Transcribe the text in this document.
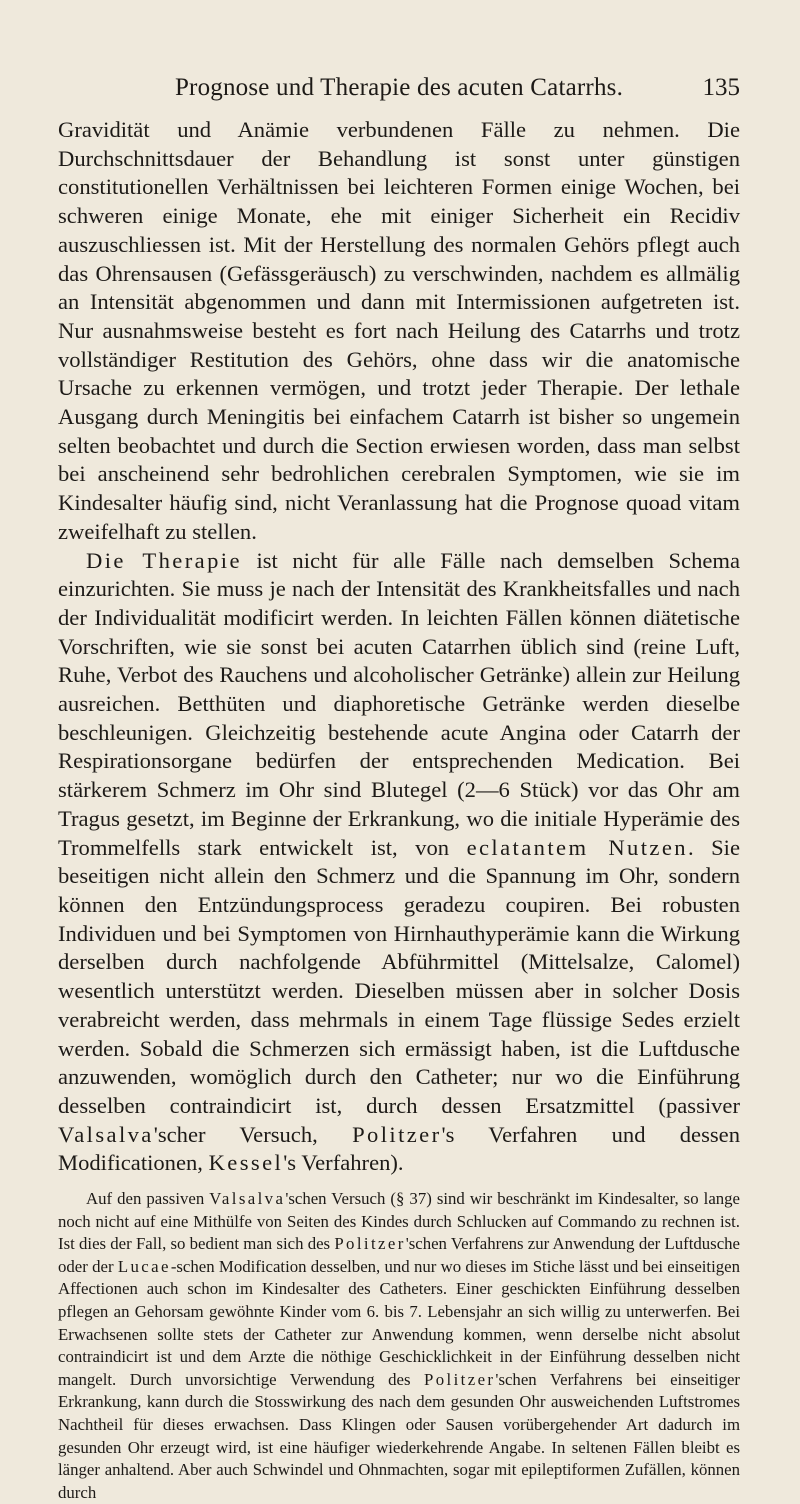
Prognose und Therapie des acuten Catarrhs.	135

Gravidität und Anämie verbundenen Fälle zu nehmen. Die Durchschnittsdauer der Behandlung ist sonst unter günstigen constitutionellen Verhältnissen bei leichteren Formen einige Wochen, bei schweren einige Monate, ehe mit einiger Sicherheit ein Recidiv auszuschliessen ist. Mit der Herstellung des normalen Gehörs pflegt auch das Ohrensausen (Gefässgeräusch) zu verschwinden, nachdem es allmälig an Intensität abgenommen und dann mit Intermissionen aufgetreten ist. Nur ausnahmsweise besteht es fort nach Heilung des Catarrhs und trotz vollständiger Restitution des Gehörs, ohne dass wir die anatomische Ursache zu erkennen vermögen, und trotzt jeder Therapie. Der lethale Ausgang durch Meningitis bei einfachem Catarrh ist bisher so ungemein selten beobachtet und durch die Section erwiesen worden, dass man selbst bei anscheinend sehr bedrohlichen cerebralen Symptomen, wie sie im Kindesalter häufig sind, nicht Veranlassung hat die Prognose quoad vitam zweifelhaft zu stellen.

Die Therapie ist nicht für alle Fälle nach demselben Schema einzurichten. Sie muss je nach der Intensität des Krankheitsfalles und nach der Individualität modificirt werden. In leichten Fällen können diätetische Vorschriften, wie sie sonst bei acuten Catarrhen üblich sind (reine Luft, Ruhe, Verbot des Rauchens und alcoholischer Getränke) allein zur Heilung ausreichen. Betthüten und diaphoretische Getränke werden dieselbe beschleunigen. Gleichzeitig bestehende acute Angina oder Catarrh der Respirationsorgane bedürfen der entsprechenden Medication. Bei stärkerem Schmerz im Ohr sind Blutegel (2—6 Stück) vor das Ohr am Tragus gesetzt, im Beginne der Erkrankung, wo die initiale Hyperämie des Trommelfells stark entwickelt ist, von eclatantem Nutzen. Sie beseitigen nicht allein den Schmerz und die Spannung im Ohr, sondern können den Entzündungsprocess geradezu coupiren. Bei robusten Individuen und bei Symptomen von Hirnhauthyperämie kann die Wirkung derselben durch nachfolgende Abführmittel (Mittelsalze, Calomel) wesentlich unterstützt werden. Dieselben müssen aber in solcher Dosis verabreicht werden, dass mehrmals in einem Tage flüssige Sedes erzielt werden. Sobald die Schmerzen sich ermässigt haben, ist die Luftdusche anzuwenden, womöglich durch den Catheter; nur wo die Einführung desselben contraindicirt ist, durch dessen Ersatzmittel (passiver Valsalva'scher Versuch, Politzer's Verfahren und dessen Modificationen, Kessel's Verfahren).

Auf den passiven Valsalva'schen Versuch (§ 37) sind wir beschränkt im Kindesalter, so lange noch nicht auf eine Mithülfe von Seiten des Kindes durch Schlucken auf Commando zu rechnen ist. Ist dies der Fall, so bedient man sich des Politzer'schen Verfahrens zur Anwendung der Luftdusche oder der Lucae-schen Modification desselben, und nur wo dieses im Stiche lässt und bei einseitigen Affectionen auch schon im Kindesalter des Catheters. Einer geschickten Einführung desselben pflegen an Gehorsam gewöhnte Kinder vom 6. bis 7. Lebensjahr an sich willig zu unterwerfen. Bei Erwachsenen sollte stets der Catheter zur Anwendung kommen, wenn derselbe nicht absolut contraindicirt ist und dem Arzte die nöthige Geschicklichkeit in der Einführung desselben nicht mangelt. Durch unvorsichtige Verwendung des Politzer'schen Verfahrens bei einseitiger Erkrankung, kann durch die Stosswirkung des nach dem gesunden Ohr ausweichenden Luftstromes Nachtheil für dieses erwachsen. Dass Klingen oder Sausen vorübergehender Art dadurch im gesunden Ohr erzeugt wird, ist eine häufiger wiederkehrende Angabe. In seltenen Fällen bleibt es länger anhaltend. Aber auch Schwindel und Ohnmachten, sogar mit epileptiformen Zufällen, können durch
